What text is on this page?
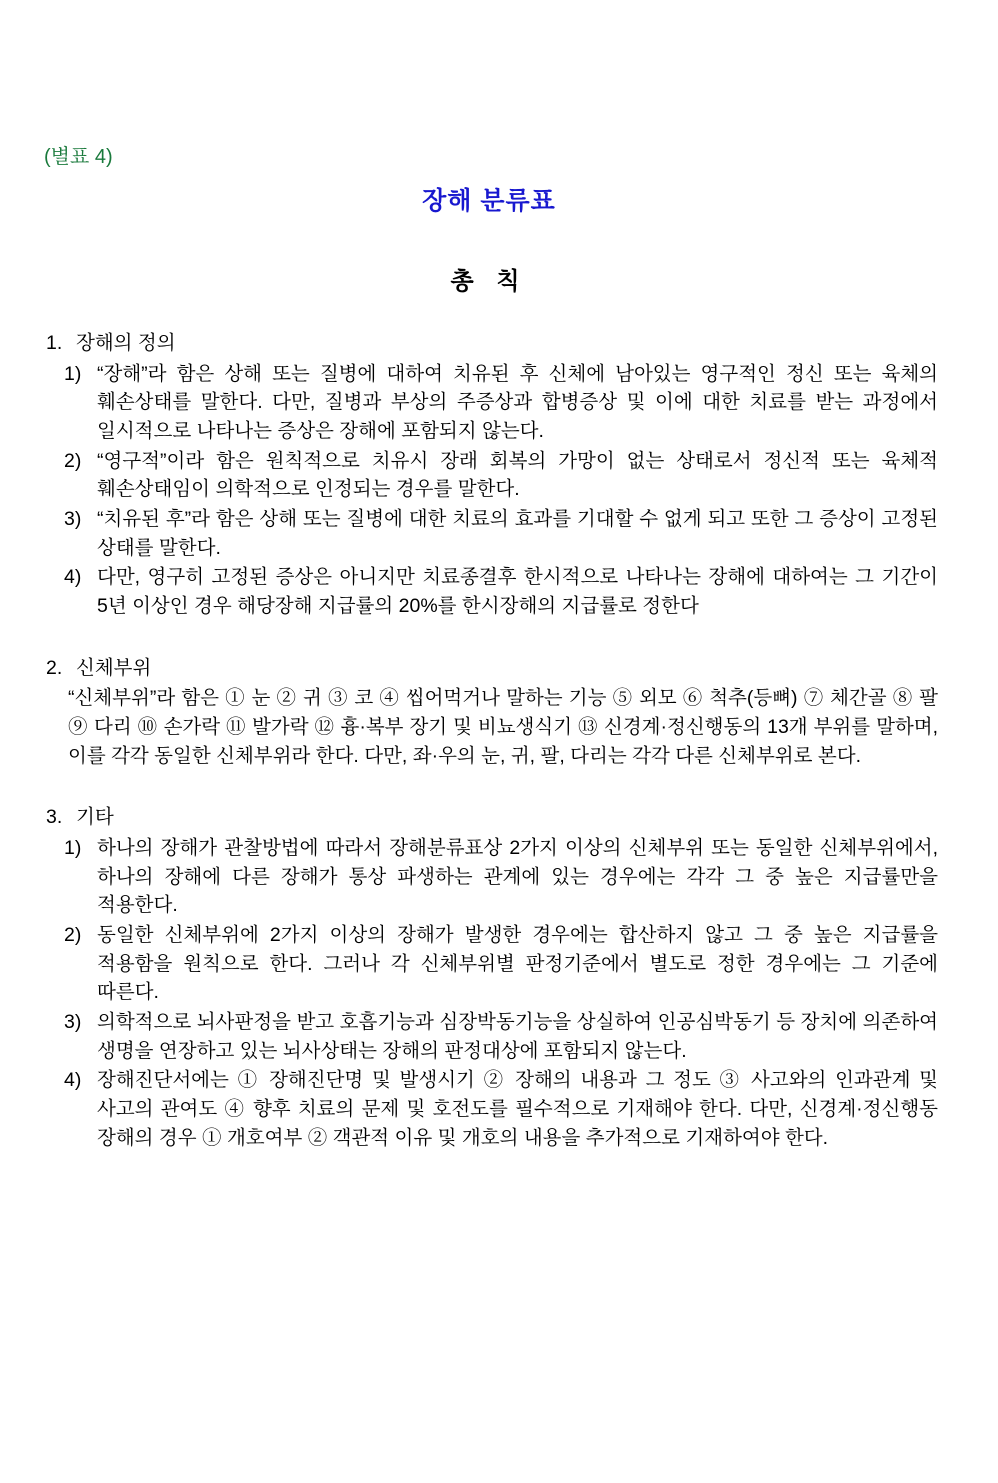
(별표 4)
장해 분류표
총 칙
1. 장해의 정의
1) “장해”라 함은 상해 또는 질병에 대하여 치유된 후 신체에 남아있는 영구적인 정신 또는 육체의 훼손상태를 말한다. 다만, 질병과 부상의 주증상과 합병증상 및 이에 대한 치료를 받는 과정에서 일시적으로 나타나는 증상은 장해에 포함되지 않는다.
2) “영구적”이라 함은 원칙적으로 치유시 장래 회복의 가망이 없는 상태로서 정신적 또는 육체적 훼손상태임이 의학적으로 인정되는 경우를 말한다.
3) “치유된 후”라 함은 상해 또는 질병에 대한 치료의 효과를 기대할 수 없게 되고 또한 그 증상이 고정된 상태를 말한다.
4) 다만, 영구히 고정된 증상은 아니지만 치료종결후 한시적으로 나타나는 장해에 대하여는 그 기간이 5년 이상인 경우 해당장해 지급률의 20%를 한시장해의 지급률로 정한다
2. 신체부위
“신체부위”라 함은 ① 눈 ② 귀 ③ 코 ④ 씹어먹거나 말하는 기능 ⑤ 외모 ⑥ 척추(등뼈) ⑦ 체간골 ⑧ 팔 ⑨ 다리 ⑩ 손가락 ⑪ 발가락 ⑫ 흉·복부 장기 및 비뇨생식기 ⑬ 신경계·정신행동의 13개 부위를 말하며, 이를 각각 동일한 신체부위라 한다. 다만, 좌·우의 눈, 귀, 팔, 다리는 각각 다른 신체부위로 본다.
3. 기타
1) 하나의 장해가 관찰방법에 따라서 장해분류표상 2가지 이상의 신체부위 또는 동일한 신체부위에서, 하나의 장해에 다른 장해가 통상 파생하는 관계에 있는 경우에는 각각 그 중 높은 지급률만을 적용한다.
2) 동일한 신체부위에 2가지 이상의 장해가 발생한 경우에는 합산하지 않고 그 중 높은 지급률을 적용함을 원칙으로 한다. 그러나 각 신체부위별 판정기준에서 별도로 정한 경우에는 그 기준에 따른다.
3) 의학적으로 뇌사판정을 받고 호흡기능과 심장박동기능을 상실하여 인공심박동기 등 장치에 의존하여 생명을 연장하고 있는 뇌사상태는 장해의 판정대상에 포함되지 않는다.
4) 장해진단서에는 ① 장해진단명 및 발생시기 ② 장해의 내용과 그 정도 ③ 사고와의 인과관계 및 사고의 관여도 ④ 향후 치료의 문제 및 호전도를 필수적으로 기재해야 한다. 다만, 신경계·정신행동 장해의 경우 ① 개호여부 ② 객관적 이유 및 개호의 내용을 추가적으로 기재하여야 한다.
